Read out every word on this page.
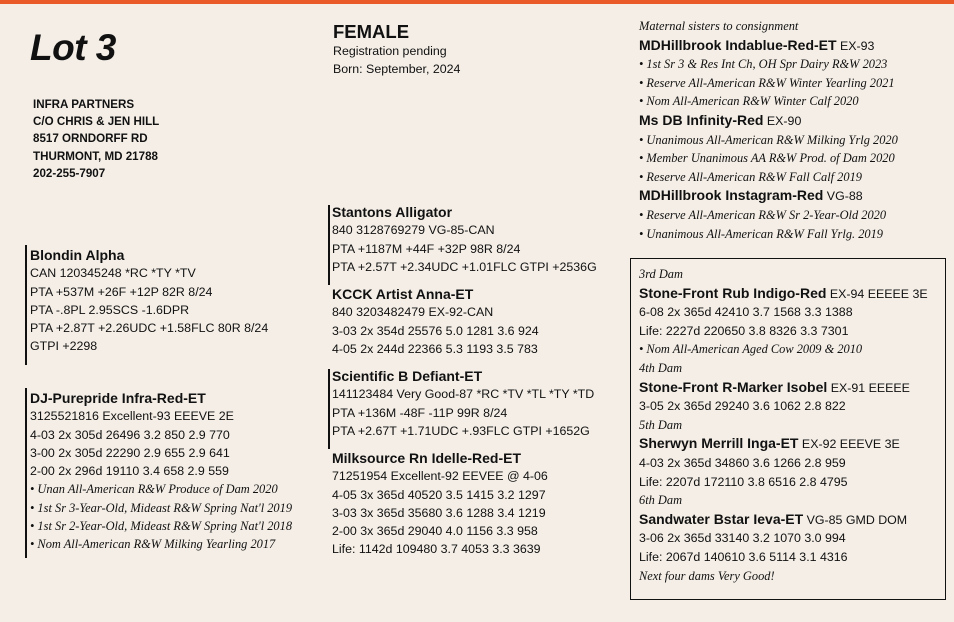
Lot 3
INFRA PARTNERS
C/O CHRIS & JEN HILL
8517 ORNDORFF RD
THURMONT, MD 21788
202-255-7907
FEMALE
Registration pending
Born: September, 2024
Blondin Alpha
CAN 120345248 *RC *TY *TV
PTA +537M +26F +12P 82R 8/24
PTA -.8PL 2.95SCS -1.6DPR
PTA +2.87T +2.26UDC +1.58FLC 80R 8/24
GTPI +2298
DJ-Purepride Infra-Red-ET
3125521816 Excellent-93 EEEVE 2E
4-03 2x 305d 26496 3.2 850 2.9 770
3-00 2x 305d 22290 2.9 655 2.9 641
2-00 2x 296d 19110 3.4 658 2.9 559
• Unan All-American R&W Produce of Dam 2020
• 1st Sr 3-Year-Old, Mideast R&W Spring Nat'l 2019
• 1st Sr 2-Year-Old, Mideast R&W Spring Nat'l 2018
• Nom All-American R&W Milking Yearling 2017
Stantons Alligator
840 3128769279 VG-85-CAN
PTA +1187M +44F +32P 98R 8/24
PTA +2.57T +2.34UDC +1.01FLC GTPI +2536G
KCCK Artist Anna-ET
840 3203482479 EX-92-CAN
3-03 2x 354d 25576 5.0 1281 3.6 924
4-05 2x 244d 22366 5.3 1193 3.5 783
Scientific B Defiant-ET
141123484 Very Good-87 *RC *TV *TL *TY *TD
PTA +136M -48F -11P 99R 8/24
PTA +2.67T +1.71UDC +.93FLC GTPI +1652G
Milksource Rn Idelle-Red-ET
71251954 Excellent-92 EEVEE @ 4-06
4-05 3x 365d 40520 3.5 1415 3.2 1297
3-03 3x 365d 35680 3.6 1288 3.4 1219
2-00 3x 365d 29040 4.0 1156 3.3 958
Life: 1142d 109480 3.7 4053 3.3 3639
Maternal sisters to consignment
MDHillbrook Indablue-Red-ET EX-93
• 1st Sr 3 & Res Int Ch, OH Spr Dairy R&W 2023
• Reserve All-American R&W Winter Yearling 2021
• Nom All-American R&W Winter Calf 2020
Ms DB Infinity-Red EX-90
• Unanimous All-American R&W Milking Yrlg 2020
• Member Unanimous AA R&W Prod. of Dam 2020
• Reserve All-American R&W Fall Calf 2019
MDHillbrook Instagram-Red VG-88
• Reserve All-American R&W Sr 2-Year-Old 2020
• Unanimous All-American R&W Fall Yrlg. 2019
3rd Dam
Stone-Front Rub Indigo-Red EX-94 EEEEE 3E
6-08 2x 365d 42410 3.7 1568 3.3 1388
Life: 2227d 220650 3.8 8326 3.3 7301
• Nom All-American Aged Cow 2009 & 2010
4th Dam
Stone-Front R-Marker Isobel EX-91 EEEEE
3-05 2x 365d 29240 3.6 1062 2.8 822
5th Dam
Sherwyn Merrill Inga-ET EX-92 EEEVE 3E
4-03 2x 365d 34860 3.6 1266 2.8 959
Life: 2207d 172110 3.8 6516 2.8 4795
6th Dam
Sandwater Bstar Ieva-ET VG-85 GMD DOM
3-06 2x 365d 33140 3.2 1070 3.0 994
Life: 2067d 140610 3.6 5114 3.1 4316
Next four dams Very Good!
